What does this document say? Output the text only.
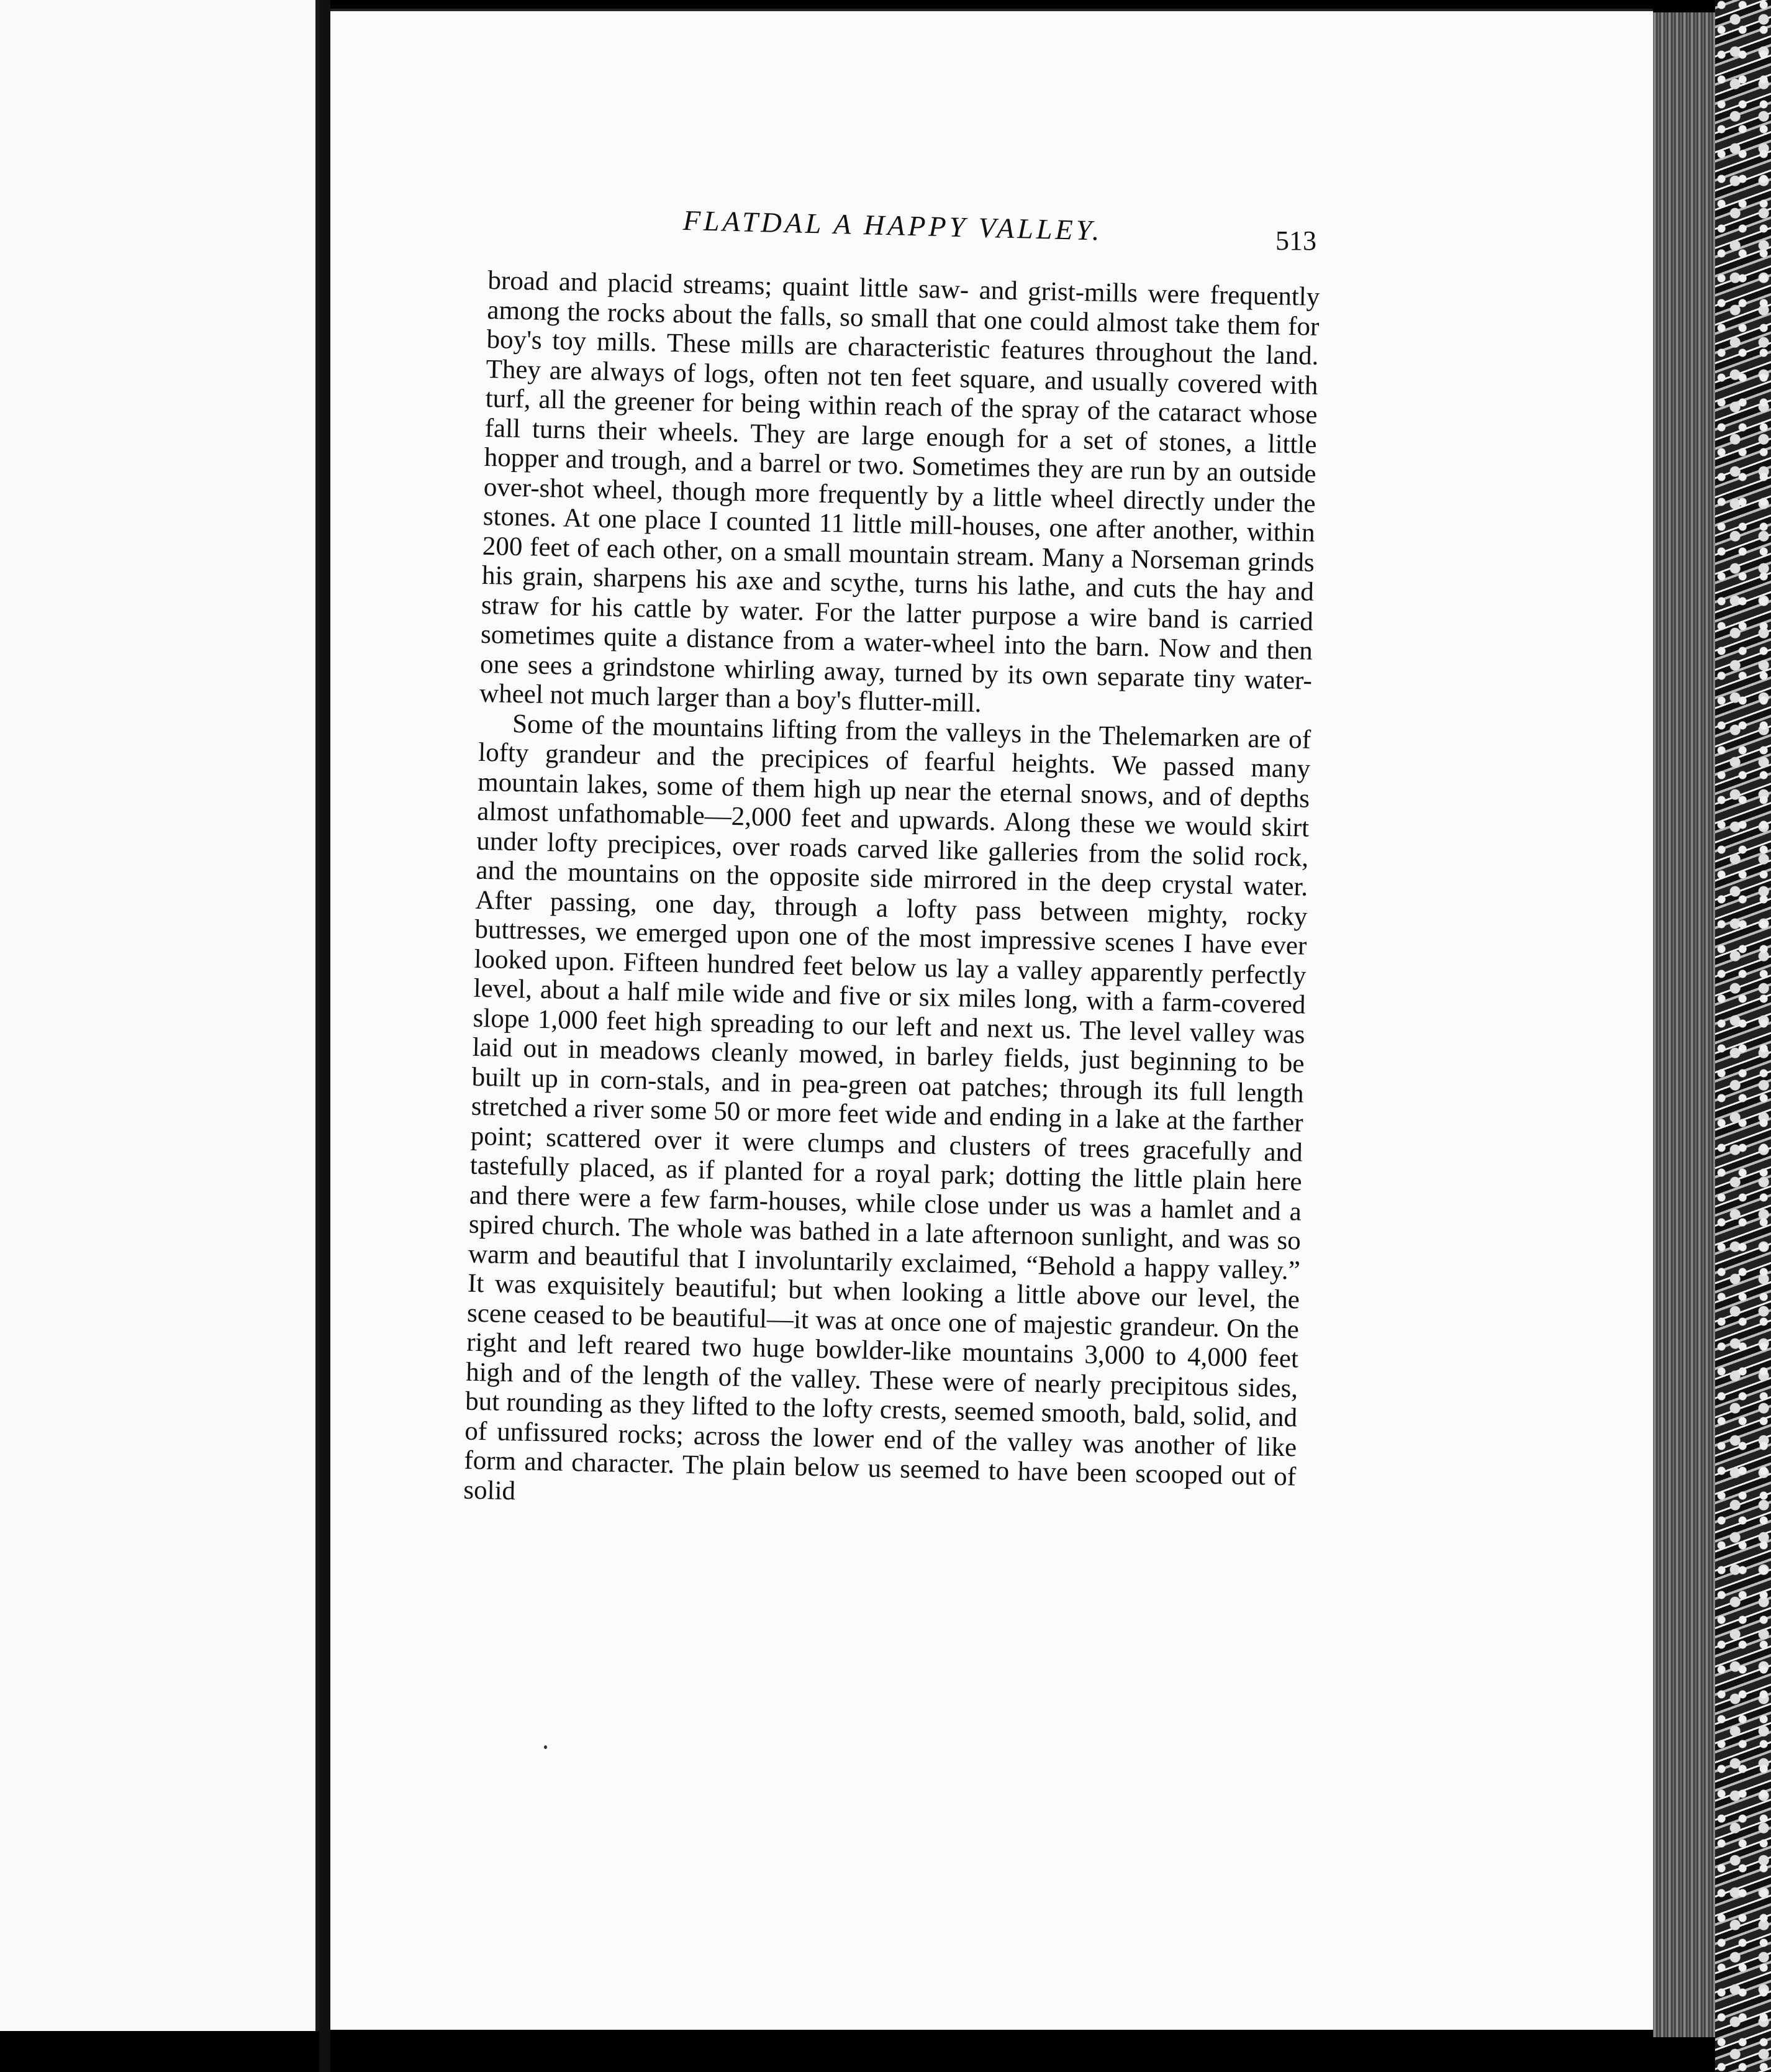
FLATDAL A HAPPY VALLEY.	513

broad and placid streams; quaint little saw- and grist-mills were frequently among the rocks about the falls, so small that one could almost take them for boy's toy mills. These mills are characteristic features throughout the land. They are always of logs, often not ten feet square, and usually covered with turf, all the greener for being within reach of the spray of the cataract whose fall turns their wheels. They are large enough for a set of stones, a little hopper and trough, and a barrel or two. Sometimes they are run by an outside over-shot wheel, though more frequently by a little wheel directly under the stones. At one place I counted 11 little mill-houses, one after another, within 200 feet of each other, on a small mountain stream. Many a Norseman grinds his grain, sharpens his axe and scythe, turns his lathe, and cuts the hay and straw for his cattle by water. For the latter purpose a wire band is carried sometimes quite a distance from a water-wheel into the barn. Now and then one sees a grindstone whirling away, turned by its own separate tiny water-wheel not much larger than a boy's flutter-mill.

Some of the mountains lifting from the valleys in the Thelemarken are of lofty grandeur and the precipices of fearful heights. We passed many mountain lakes, some of them high up near the eternal snows, and of depths almost unfathomable—2,000 feet and upwards. Along these we would skirt under lofty precipices, over roads carved like galleries from the solid rock, and the mountains on the opposite side mirrored in the deep crystal water. After passing, one day, through a lofty pass between mighty, rocky buttresses, we emerged upon one of the most impressive scenes I have ever looked upon. Fifteen hundred feet below us lay a valley apparently perfectly level, about a half mile wide and five or six miles long, with a farm-covered slope 1,000 feet high spreading to our left and next us. The level valley was laid out in meadows cleanly mowed, in barley fields, just beginning to be built up in corn-stals, and in pea-green oat patches; through its full length stretched a river some 50 or more feet wide and ending in a lake at the farther point; scattered over it were clumps and clusters of trees gracefully and tastefully placed, as if planted for a royal park; dotting the little plain here and there were a few farm-houses, while close under us was a hamlet and a spired church. The whole was bathed in a late afternoon sunlight, and was so warm and beautiful that I involuntarily exclaimed, “Behold a happy valley.” It was exquisitely beautiful; but when looking a little above our level, the scene ceased to be beautiful—it was at once one of majestic grandeur. On the right and left reared two huge bowlder-like mountains 3,000 to 4,000 feet high and of the length of the valley. These were of nearly precipitous sides, but rounding as they lifted to the lofty crests, seemed smooth, bald, solid, and of unfissured rocks; across the lower end of the valley was another of like form and character. The plain below us seemed to have been scooped out of solid
